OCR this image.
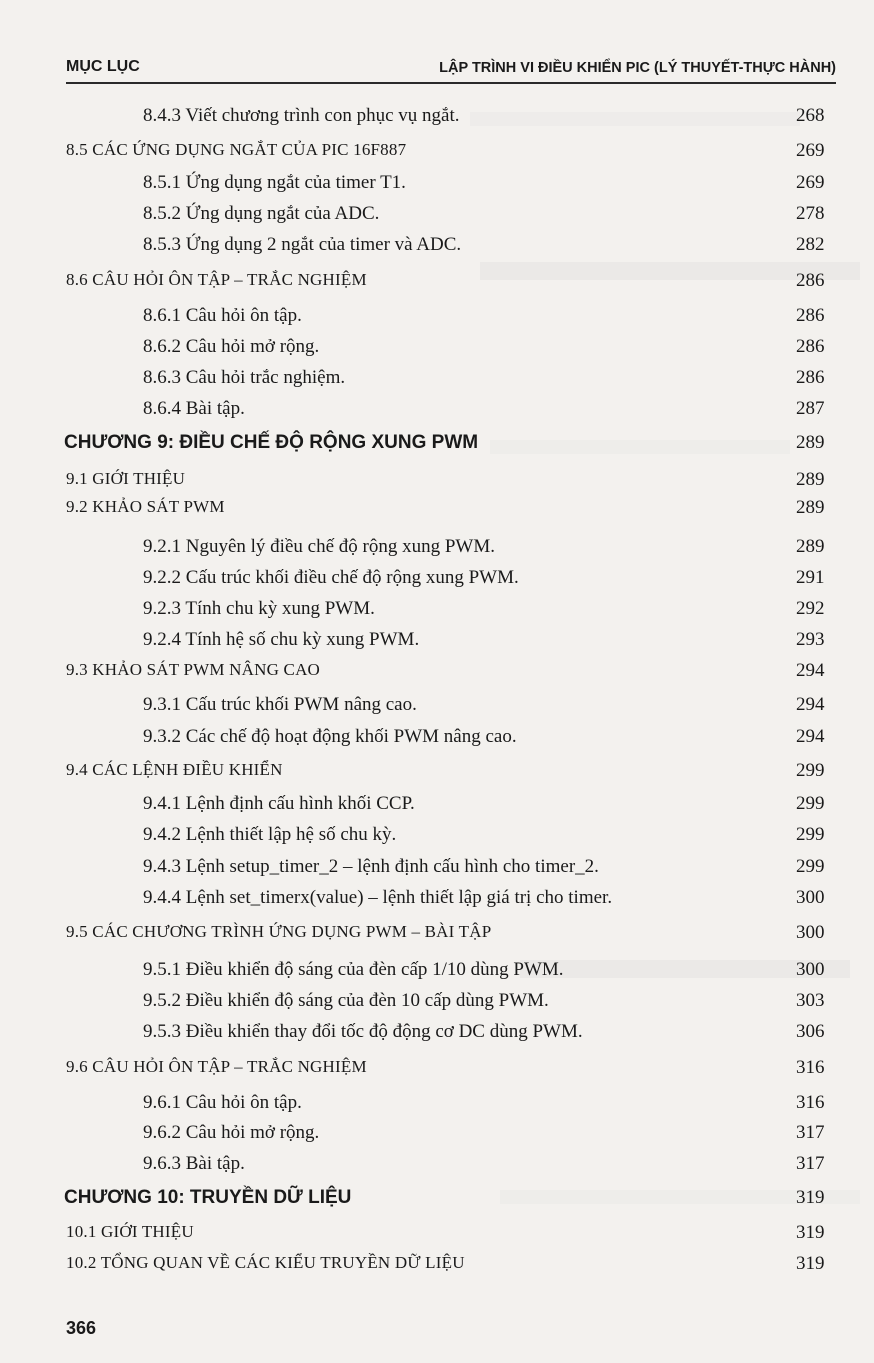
MỤC LỤC	LẬP TRÌNH VI ĐIỀU KHIỂN PIC (LÝ THUYẾT-THỰC HÀNH)
8.4.3 Viết chương trình con phục vụ ngắt.	268
8.5 CÁC ỨNG DỤNG NGẮT CỦA PIC 16F887	269
8.5.1 Ứng dụng ngắt của timer T1.	269
8.5.2 Ứng dụng ngắt của ADC.	278
8.5.3 Ứng dụng 2 ngắt của timer và ADC.	282
8.6 CÂU HỎI ÔN TẬP – TRẮC NGHIỆM	286
8.6.1 Câu hỏi ôn tập.	286
8.6.2 Câu hỏi mở rộng.	286
8.6.3 Câu hỏi trắc nghiệm.	286
8.6.4 Bài tập.	287
CHƯƠNG 9: ĐIỀU CHẾ ĐỘ RỘNG XUNG PWM	289
9.1 GIỚI THIỆU	289
9.2 KHẢO SÁT PWM	289
9.2.1 Nguyên lý điều chế độ rộng xung PWM.	289
9.2.2 Cấu trúc khối điều chế độ rộng xung PWM.	291
9.2.3 Tính chu kỳ xung PWM.	292
9.2.4 Tính hệ số chu kỳ xung PWM.	293
9.3 KHẢO SÁT PWM NÂNG CAO	294
9.3.1 Cấu trúc khối PWM nâng cao.	294
9.3.2 Các chế độ hoạt động khối PWM nâng cao.	294
9.4 CÁC LỆNH ĐIỀU KHIỂN	299
9.4.1 Lệnh định cấu hình khối CCP.	299
9.4.2 Lệnh thiết lập hệ số chu kỳ.	299
9.4.3 Lệnh setup_timer_2 – lệnh định cấu hình cho timer_2.	299
9.4.4 Lệnh set_timerx(value) – lệnh thiết lập giá trị cho timer.	300
9.5 CÁC CHƯƠNG TRÌNH ỨNG DỤNG PWM – BÀI TẬP	300
9.5.1 Điều khiển độ sáng của đèn cấp 1/10 dùng PWM.	300
9.5.2 Điều khiển độ sáng của đèn 10 cấp dùng PWM.	303
9.5.3 Điều khiển thay đổi tốc độ động cơ DC dùng PWM.	306
9.6 CÂU HỎI ÔN TẬP – TRẮC NGHIỆM	316
9.6.1 Câu hỏi ôn tập.	316
9.6.2 Câu hỏi mở rộng.	317
9.6.3 Bài tập.	317
CHƯƠNG 10: TRUYỀN DỮ LIỆU	319
10.1 GIỚI THIỆU	319
10.2 TỔNG QUAN VỀ CÁC KIỂU TRUYỀN DỮ LIỆU	319
366
